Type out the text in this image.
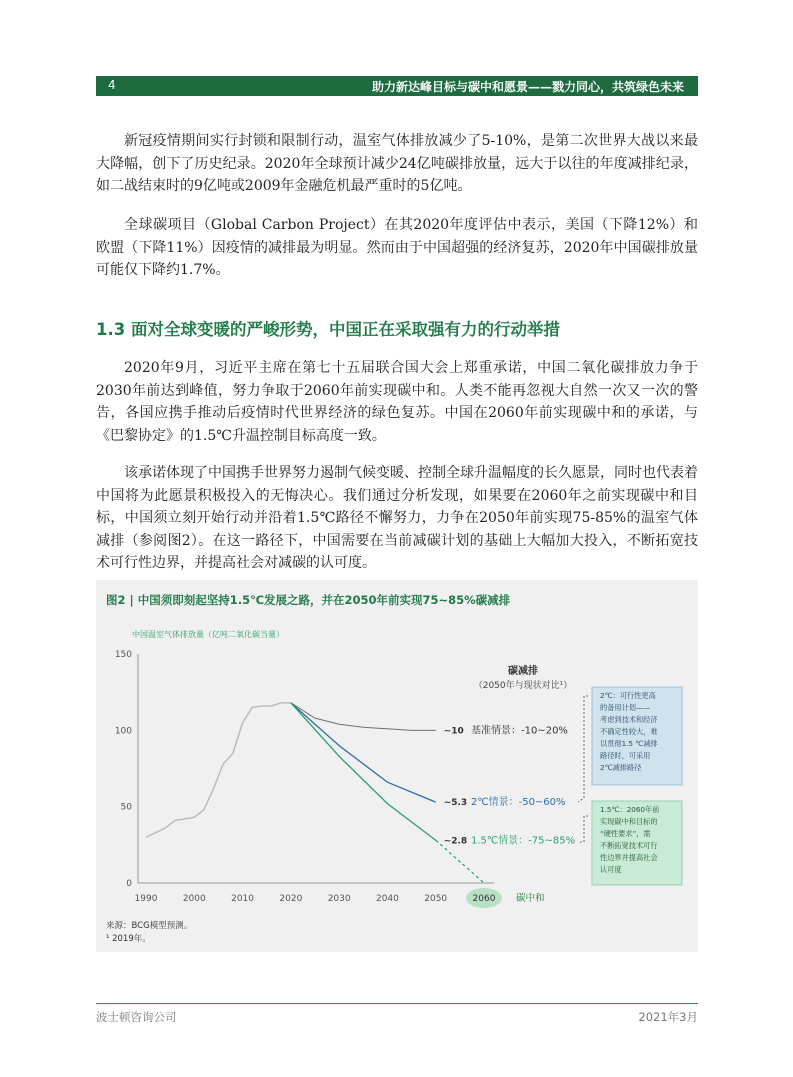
4	助力新达峰目标与碳中和愿景——戮力同心，共筑绿色未来

新冠疫情期间实行封锁和限制行动，温室气体排放减少了5-10%，是第二次世界大战以来最大降幅，创下了历史纪录。2020年全球预计减少24亿吨碳排放量，远大于以往的年度减排纪录，如二战结束时的9亿吨或2009年金融危机最严重时的5亿吨。

全球碳项目（Global Carbon Project）在其2020年度评估中表示，美国（下降12%）和欧盟（下降11%）因疫情的减排最为明显。然而由于中国超强的经济复苏，2020年中国碳排放量可能仅下降约1.7%。

1.3 面对全球变暖的严峻形势，中国正在采取强有力的行动举措

2020年9月，习近平主席在第七十五届联合国大会上郑重承诺，中国二氧化碳排放力争于2030年前达到峰值，努力争取于2060年前实现碳中和。人类不能再忽视大自然一次又一次的警告，各国应携手推动后疫情时代世界经济的绿色复苏。中国在2060年前实现碳中和的承诺，与《巴黎协定》的1.5℃升温控制目标高度一致。

该承诺体现了中国携手世界努力遏制气候变暖、控制全球升温幅度的长久愿景，同时也代表着中国将为此愿景积极投入的无悔决心。我们通过分析发现，如果要在2060年之前实现碳中和目标，中国须立刻开始行动并沿着1.5℃路径不懈努力，力争在2050年前实现75-85%的温室气体减排（参阅图2）。在这一路径下，中国需要在当前减碳计划的基础上大幅加大投入，不断拓宽技术可行性边界，并提高社会对减碳的认可度。

图2 | 中国须即刻起坚持1.5℃发展之路，并在2050年前实现75~85%碳减排
中国温室气体排放量（亿吨二氧化碳当量）
0
50
100
150
1990	2000	2010	2020	2030	2040	2050
~10 基准情景：-10~20%
~5.3 2℃情景：-50~60%
~2.8 1.5℃情景：-75~85%
2060 碳中和
碳减排
（2050年与现状对比¹）
2℃：可行性更高
的备用计划——
考虑到技术和经济
不确定性较大，难
以贯彻1.5 ℃减排
路径时，可采用
2℃减排路径
1.5℃：2060年前
实现碳中和目标的
“硬性要求”，需
不断拓宽技术可行
性边界并提高社会
认可度
来源：BCG模型预测。
¹ 2019年。
波士顿咨询公司	2021年3月
